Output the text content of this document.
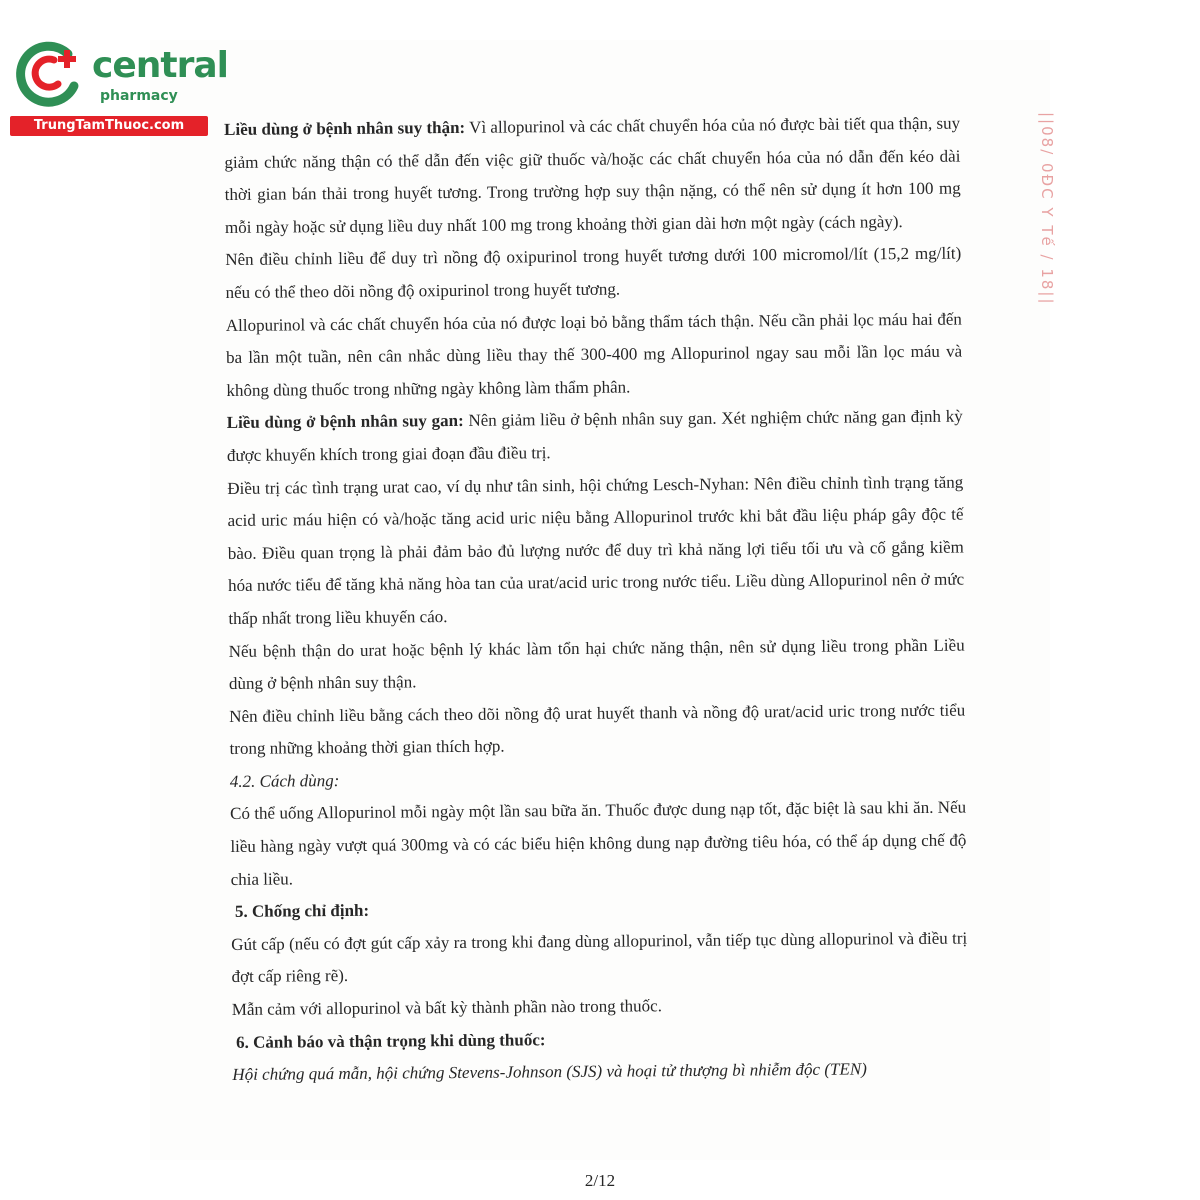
central
pharmacy
TrungTamThuoc.com	||08/ 0ĐC Y Tế / 18||

Liều dùng ở bệnh nhân suy thận: Vì allopurinol và các chất chuyển hóa của nó được bài tiết qua thận, suy giảm chức năng thận có thể dẫn đến việc giữ thuốc và/hoặc các chất chuyển hóa của nó dẫn đến kéo dài thời gian bán thải trong huyết tương. Trong trường hợp suy thận nặng, có thể nên sử dụng ít hơn 100 mg mỗi ngày hoặc sử dụng liều duy nhất 100 mg trong khoảng thời gian dài hơn một ngày (cách ngày).

Nên điều chỉnh liều để duy trì nồng độ oxipurinol trong huyết tương dưới 100 micromol/lít (15,2 mg/lít) nếu có thể theo dõi nồng độ oxipurinol trong huyết tương.

Allopurinol và các chất chuyển hóa của nó được loại bỏ bằng thẩm tách thận. Nếu cần phải lọc máu hai đến ba lần một tuần, nên cân nhắc dùng liều thay thế 300-400 mg Allopurinol ngay sau mỗi lần lọc máu và không dùng thuốc trong những ngày không làm thẩm phân.

Liều dùng ở bệnh nhân suy gan: Nên giảm liều ở bệnh nhân suy gan. Xét nghiệm chức năng gan định kỳ được khuyến khích trong giai đoạn đầu điều trị.

Điều trị các tình trạng urat cao, ví dụ như tân sinh, hội chứng Lesch-Nyhan: Nên điều chỉnh tình trạng tăng acid uric máu hiện có và/hoặc tăng acid uric niệu bằng Allopurinol trước khi bắt đầu liệu pháp gây độc tế bào. Điều quan trọng là phải đảm bảo đủ lượng nước để duy trì khả năng lợi tiểu tối ưu và cố gắng kiềm hóa nước tiểu để tăng khả năng hòa tan của urat/acid uric trong nước tiểu. Liều dùng Allopurinol nên ở mức thấp nhất trong liều khuyến cáo.

Nếu bệnh thận do urat hoặc bệnh lý khác làm tổn hại chức năng thận, nên sử dụng liều trong phần Liều dùng ở bệnh nhân suy thận.

Nên điều chỉnh liều bằng cách theo dõi nồng độ urat huyết thanh và nồng độ urat/acid uric trong nước tiểu trong những khoảng thời gian thích hợp.

4.2. Cách dùng:

Có thể uống Allopurinol mỗi ngày một lần sau bữa ăn. Thuốc được dung nạp tốt, đặc biệt là sau khi ăn. Nếu liều hàng ngày vượt quá 300mg và có các biểu hiện không dung nạp đường tiêu hóa, có thể áp dụng chế độ chia liều.

5. Chống chỉ định:

Gút cấp (nếu có đợt gút cấp xảy ra trong khi đang dùng allopurinol, vẫn tiếp tục dùng allopurinol và điều trị đợt cấp riêng rẽ).

Mẫn cảm với allopurinol và bất kỳ thành phần nào trong thuốc.

6. Cảnh báo và thận trọng khi dùng thuốc:

Hội chứng quá mẫn, hội chứng Stevens-Johnson (SJS) và hoại tử thượng bì nhiễm độc (TEN)

2/12
